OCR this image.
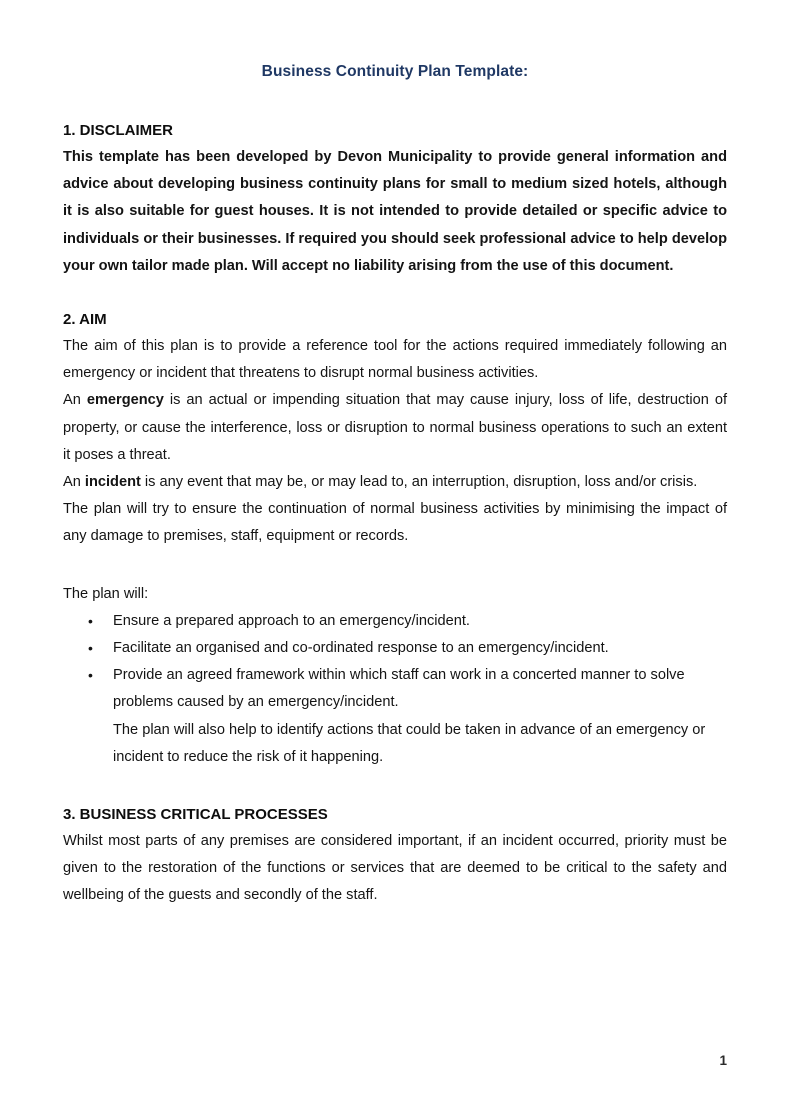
Business Continuity Plan Template:
1. DISCLAIMER

This template has been developed by Devon Municipality to provide general information and advice about developing business continuity plans for small to medium sized hotels, although it is also suitable for guest houses. It is not intended to provide detailed or specific advice to individuals or their businesses. If required you should seek professional advice to help develop your own tailor made plan. Will accept no liability arising from the use of this document.

2. AIM

The aim of this plan is to provide a reference tool for the actions required immediately following an emergency or incident that threatens to disrupt normal business activities.

An emergency is an actual or impending situation that may cause injury, loss of life, destruction of property, or cause the interference, loss or disruption to normal business operations to such an extent it poses a threat.

An incident is any event that may be, or may lead to, an interruption, disruption, loss and/or crisis.

The plan will try to ensure the continuation of normal business activities by minimising the impact of any damage to premises, staff, equipment or records.

The plan will:

• Ensure a prepared approach to an emergency/incident.
• Facilitate an organised and co-ordinated response to an emergency/incident.
• Provide an agreed framework within which staff can work in a concerted manner to solve problems caused by an emergency/incident.
The plan will also help to identify actions that could be taken in advance of an emergency or incident to reduce the risk of it happening.
3. BUSINESS CRITICAL PROCESSES

Whilst most parts of any premises are considered important, if an incident occurred, priority must be given to the restoration of the functions or services that are deemed to be critical to the safety and wellbeing of the guests and secondly of the staff.

1
